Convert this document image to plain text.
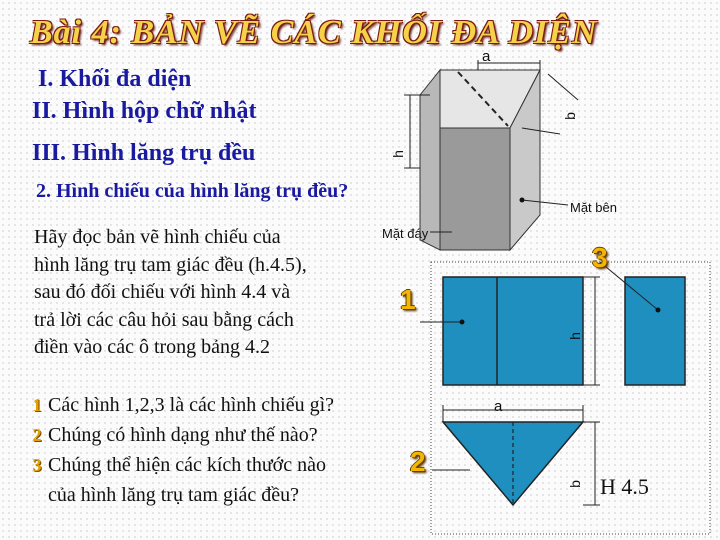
Bài 4: BẢN VẼ CÁC KHỐI ĐA DIỆN
I. Khối đa diện
II. Hình hộp chữ nhật
III. Hình lăng trụ đều
2. Hình chiếu của hình lăng trụ đều?
Hãy đọc bản vẽ hình chiếu của
hình lăng trụ tam giác đều (h.4.5),
sau đó đối chiếu với hình 4.4 và
trả lời các câu hỏi sau bằng cách
điền vào các ô trong bảng 4.2
1 Các hình 1,2,3 là các hình chiếu gì?
2 Chúng có hình dạng như thế nào?
3 Chúng thể hiện các kích thước nào
của hình lăng trụ tam giác đều?
a
b
h
Mặt bên
Mặt đáy
h
a
b
1
2
3
H 4.5
